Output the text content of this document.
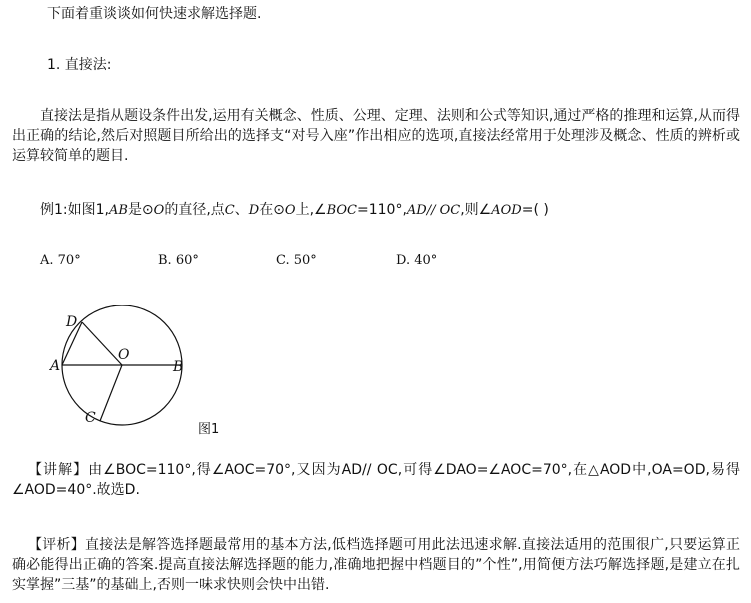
下面着重谈谈如何快速求解选择题.
1. 直接法:
直接法是指从题设条件出发,运用有关概念、性质、公理、定理、法则和公式等知识,通过严格的推理和运算,从而得出正确的结论,然后对照题目所给出的选择支“对号入座”作出相应的选项,直接法经常用于处理涉及概念、性质的辨析或运算较简单的题目.
例1:如图1,AB是⊙O的直径,点C、D在⊙O上,∠BOC=110°,AD// OC,则∠AOD=( )
A. 70°	B. 60°	C. 50°	D. 40°
A	B
O
D
C
图1
【讲解】由∠BOC=110°,得∠AOC=70°,又因为AD// OC,可得∠DAO=∠AOC=70°,在△AOD中,OA=OD,易得∠AOD=40°.故选D.
【评析】直接法是解答选择题最常用的基本方法,低档选择题可用此法迅速求解.直接法适用的范围很广,只要运算正确必能得出正确的答案.提高直接法解选择题的能力,准确地把握中档题目的”个性”,用简便方法巧解选择题,是建立在扎实掌握”三基”的基础上,否则一味求快则会快中出错.
